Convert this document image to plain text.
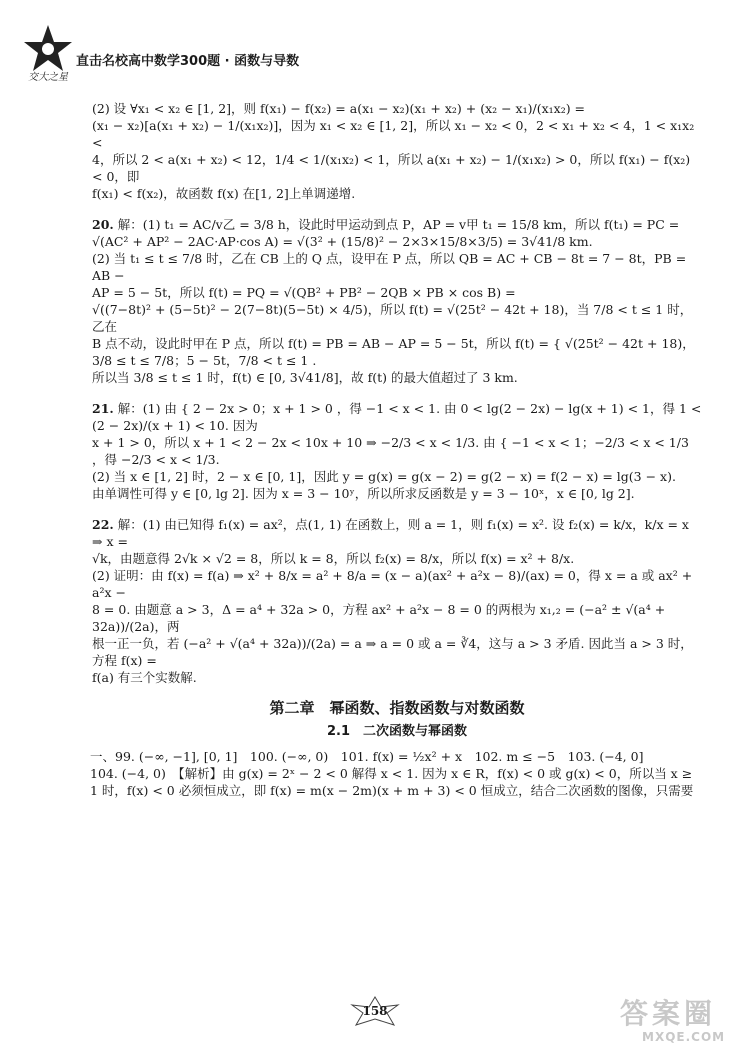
交大之星
直击名校高中数学300题 · 函数与导数

(2) 设 ∀x₁ < x₂ ∈ [1, 2]，则 f(x₁) − f(x₂) = a(x₁ − x₂)(x₁ + x₂) + (x₂ − x₁)/(x₁x₂) =

(x₁ − x₂)[a(x₁ + x₂) − 1/(x₁x₂)]，因为 x₁ < x₂ ∈ [1, 2]，所以 x₁ − x₂ < 0，2 < x₁ + x₂ < 4，1 < x₁x₂ <

4，所以 2 < a(x₁ + x₂) < 12，1/4 < 1/(x₁x₂) < 1，所以 a(x₁ + x₂) − 1/(x₁x₂) > 0，所以 f(x₁) − f(x₂) < 0，即

f(x₁) < f(x₂)，故函数 f(x) 在[1, 2]上单调递增.

20. 解：(1) t₁ = AC/v乙 = 3/8 h，设此时甲运动到点 P，AP = v甲 t₁ = 15/8 km，所以 f(t₁) = PC =

√(AC² + AP² − 2AC·AP·cos A) = √(3² + (15/8)² − 2×3×15/8×3/5) = 3√41/8 km.

(2) 当 t₁ ≤ t ≤ 7/8 时，乙在 CB 上的 Q 点，设甲在 P 点，所以 QB = AC + CB − 8t = 7 − 8t，PB = AB −

AP = 5 − 5t，所以 f(t) = PQ = √(QB² + PB² − 2QB × PB × cos B) =

√((7−8t)² + (5−5t)² − 2(7−8t)(5−5t) × 4/5)，所以 f(t) = √(25t² − 42t + 18)，当 7/8 < t ≤ 1 时，乙在

B 点不动，设此时甲在 P 点，所以 f(t) = PB = AB − AP = 5 − 5t，所以 f(t) = { √(25t² − 42t + 18)，3/8 ≤ t ≤ 7/8；5 − 5t，7/8 < t ≤ 1 .

所以当 3/8 ≤ t ≤ 1 时，f(t) ∈ [0, 3√41/8]，故 f(t) 的最大值超过了 3 km.

21. 解：(1) 由 { 2 − 2x > 0；x + 1 > 0 ，得 −1 < x < 1. 由 0 < lg(2 − 2x) − lg(x + 1) < 1，得 1 < (2 − 2x)/(x + 1) < 10. 因为

x + 1 > 0，所以 x + 1 < 2 − 2x < 10x + 10 ⇒ −2/3 < x < 1/3. 由 { −1 < x < 1；−2/3 < x < 1/3 ，得 −2/3 < x < 1/3.

(2) 当 x ∈ [1, 2] 时，2 − x ∈ [0, 1]，因此 y = g(x) = g(x − 2) = g(2 − x) = f(2 − x) = lg(3 − x).

由单调性可得 y ∈ [0, lg 2]. 因为 x = 3 − 10ʸ，所以所求反函数是 y = 3 − 10ˣ，x ∈ [0, lg 2].

22. 解：(1) 由已知得 f₁(x) = ax²，点(1, 1) 在函数上，则 a = 1，则 f₁(x) = x². 设 f₂(x) = k/x，k/x = x ⇒ x =

√k，由题意得 2√k × √2 = 8，所以 k = 8，所以 f₂(x) = 8/x，所以 f(x) = x² + 8/x.

(2) 证明：由 f(x) = f(a) ⇒ x² + 8/x = a² + 8/a = (x − a)(ax² + a²x − 8)/(ax) = 0，得 x = a 或 ax² + a²x −

8 = 0. 由题意 a > 3，Δ = a⁴ + 32a > 0，方程 ax² + a²x − 8 = 0 的两根为 x₁,₂ = (−a² ± √(a⁴ + 32a))/(2a)，两

根一正一负，若 (−a² + √(a⁴ + 32a))/(2a) = a ⇒ a = 0 或 a = ∛4，这与 a > 3 矛盾. 因此当 a > 3 时，方程 f(x) =

f(a) 有三个实数解.

第二章　幂函数、指数函数与对数函数
2.1　二次函数与幂函数

一、99. (−∞, −1], [0, 1]　100. (−∞, 0)　101. f(x) = ½x² + x　102. m ≤ −5　103. (−4, 0]

104. (−4, 0)　【解析】由 g(x) = 2ˣ − 2 < 0 解得 x < 1. 因为 x ∈ R，f(x) < 0 或 g(x) < 0，所以当 x ≥

1 时，f(x) < 0 必须恒成立，即 f(x) = m(x − 2m)(x + m + 3) < 0 恒成立，结合二次函数的图像，只需要

158	答案圈
MXQE.COM
